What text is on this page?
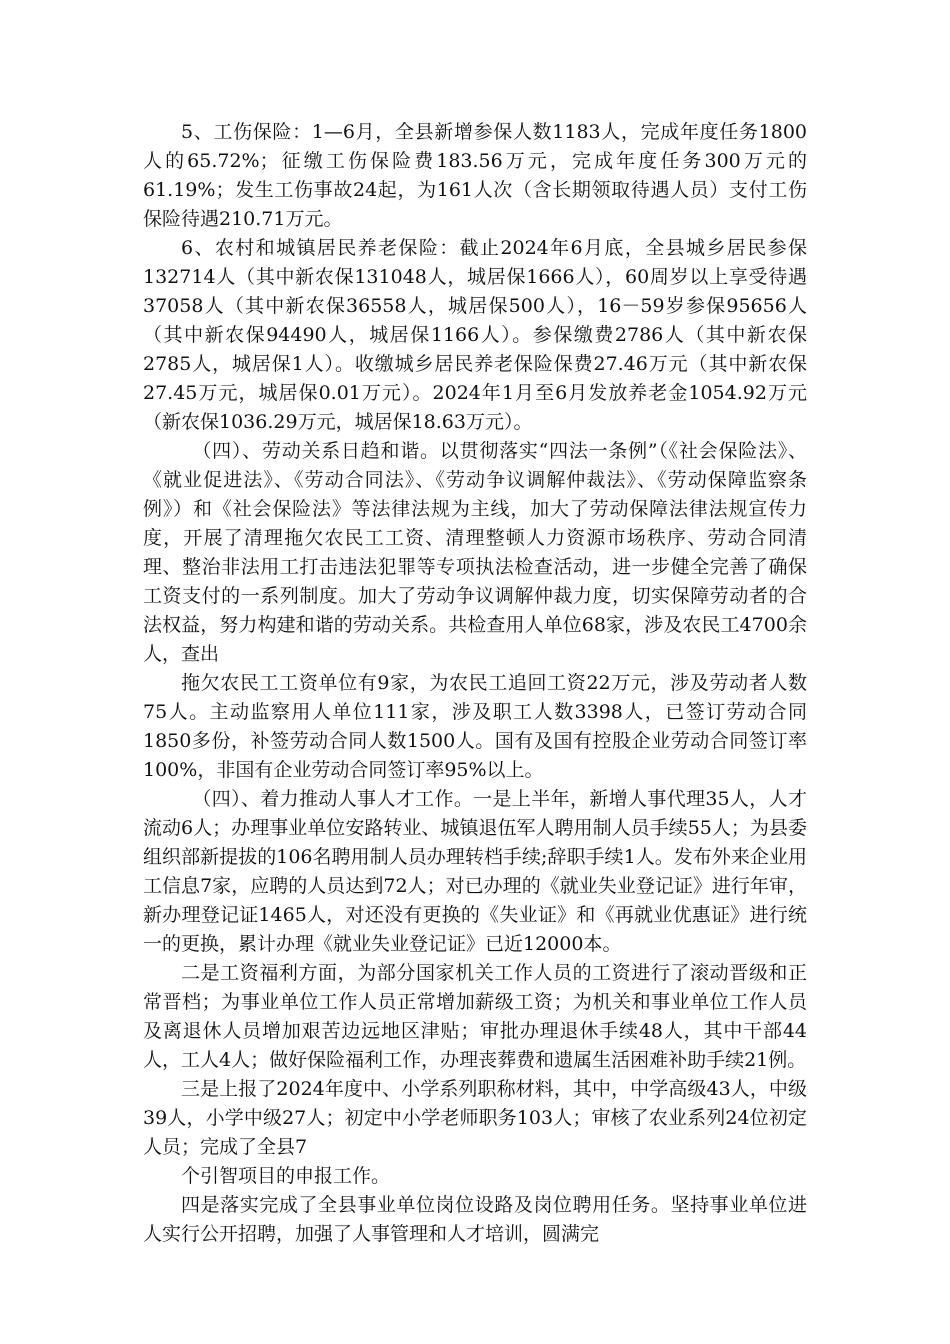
5、工伤保险：1—6月，全县新增参保人数1183人，完成年度任务1800人的65.72%；征缴工伤保险费183.56万元，完成年度任务300万元的61.19%；发生工伤事故24起，为161人次（含长期领取待遇人员）支付工伤保险待遇210.71万元。

6、农村和城镇居民养老保险：截止2024年6月底，全县城乡居民参保132714人（其中新农保131048人，城居保1666人），60周岁以上享受待遇37058人（其中新农保36558人，城居保500人），16－59岁参保95656人（其中新农保94490人，城居保1166人）。参保缴费2786人（其中新农保2785人，城居保1人）。收缴城乡居民养老保险保费27.46万元（其中新农保27.45万元，城居保0.01万元）。2024年1月至6月发放养老金1054.92万元（新农保1036.29万元，城居保18.63万元）。

（四）、劳动关系日趋和谐。以贯彻落实“四法一条例”（《社会保险法》、《就业促进法》、《劳动合同法》、《劳动争议调解仲裁法》、《劳动保障监察条例》）和《社会保险法》等法律法规为主线，加大了劳动保障法律法规宣传力度，开展了清理拖欠农民工工资、清理整顿人力资源市场秩序、劳动合同清理、整治非法用工打击违法犯罪等专项执法检查活动，进一步健全完善了确保工资支付的一系列制度。加大了劳动争议调解仲裁力度，切实保障劳动者的合法权益，努力构建和谐的劳动关系。共检查用人单位68家，涉及农民工4700余人，查出

拖欠农民工工资单位有9家，为农民工追回工资22万元，涉及劳动者人数75人。主动监察用人单位111家，涉及职工人数3398人，已签订劳动合同1850多份，补签劳动合同人数1500人。国有及国有控股企业劳动合同签订率100%，非国有企业劳动合同签订率95%以上。

（四）、着力推动人事人才工作。一是上半年，新增人事代理35人，人才流动6人；办理事业单位安路转业、城镇退伍军人聘用制人员手续55人；为县委组织部新提拔的106名聘用制人员办理转档手续;辞职手续1人。发布外来企业用工信息7家，应聘的人员达到72人；对已办理的《就业失业登记证》进行年审，新办理登记证1465人，对还没有更换的《失业证》和《再就业优惠证》进行统一的更换，累计办理《就业失业登记证》已近12000本。

二是工资福利方面，为部分国家机关工作人员的工资进行了滚动晋级和正常晋档；为事业单位工作人员正常增加薪级工资；为机关和事业单位工作人员及离退休人员增加艰苦边远地区津贴；审批办理退休手续48人，其中干部44人，工人4人；做好保险福利工作，办理丧葬费和遗属生活困难补助手续21例。

三是上报了2024年度中、小学系列职称材料，其中，中学高级43人，中级39人，小学中级27人；初定中小学老师职务103人；审核了农业系列24位初定人员；完成了全县7

个引智项目的申报工作。

四是落实完成了全县事业单位岗位设路及岗位聘用任务。坚持事业单位进人实行公开招聘，加强了人事管理和人才培训，圆满完
